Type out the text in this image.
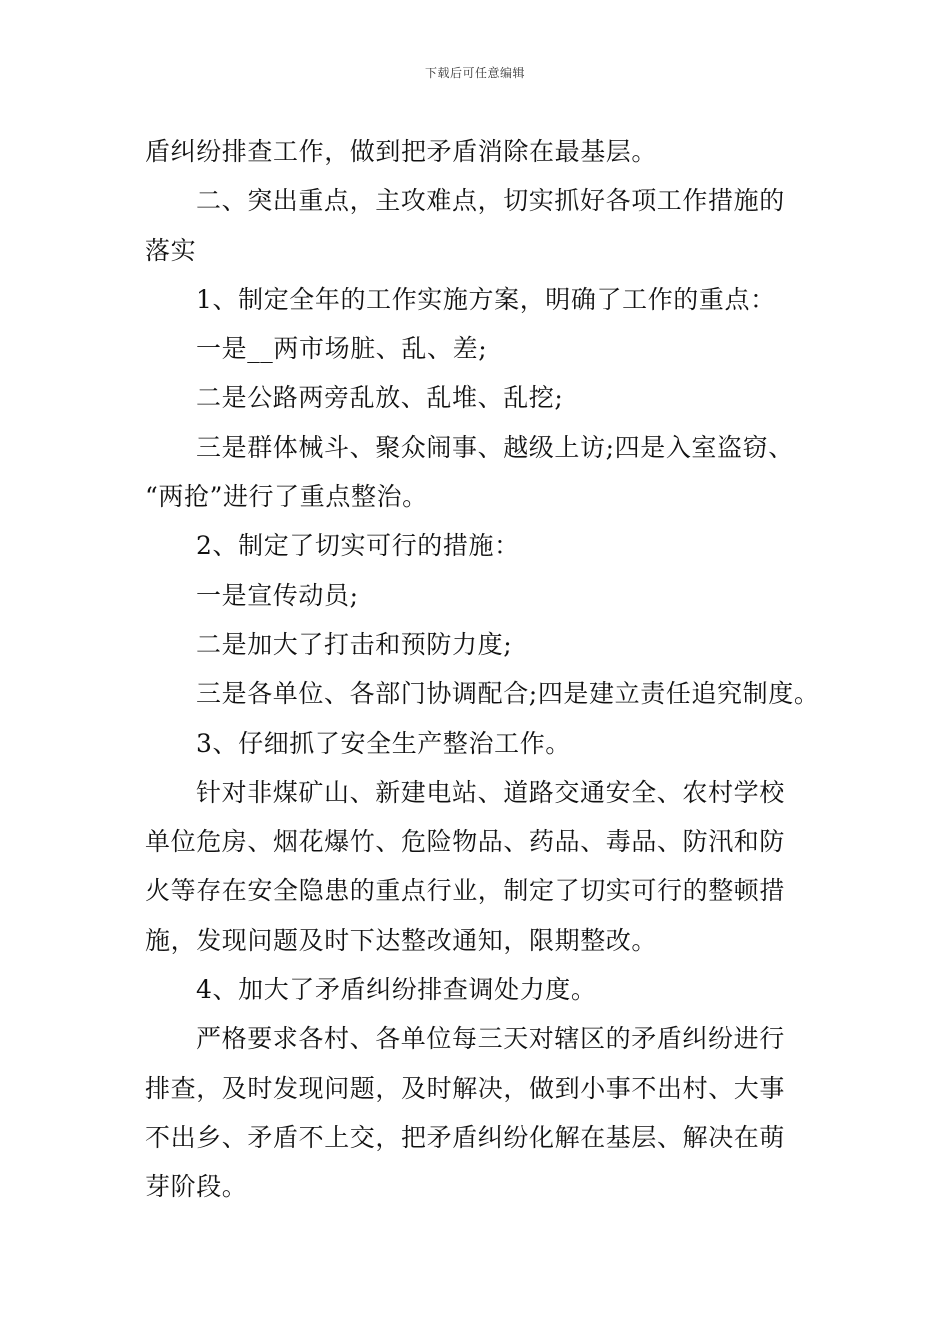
下载后可任意编辑
盾纠纷排查工作，做到把矛盾消除在最基层。
二、突出重点，主攻难点，切实抓好各项工作措施的
落实
1、制定全年的工作实施方案，明确了工作的重点：
一是__两市场脏、乱、差;
二是公路两旁乱放、乱堆、乱挖;
三是群体械斗、聚众闹事、越级上访;四是入室盗窃、
“两抢”进行了重点整治。
2、制定了切实可行的措施：
一是宣传动员;
二是加大了打击和预防力度;
三是各单位、各部门协调配合;四是建立责任追究制度。
3、仔细抓了安全生产整治工作。
针对非煤矿山、新建电站、道路交通安全、农村学校
单位危房、烟花爆竹、危险物品、药品、毒品、防汛和防
火等存在安全隐患的重点行业，制定了切实可行的整顿措
施，发现问题及时下达整改通知，限期整改。
4、加大了矛盾纠纷排查调处力度。
严格要求各村、各单位每三天对辖区的矛盾纠纷进行
排查，及时发现问题，及时解决，做到小事不出村、大事
不出乡、矛盾不上交，把矛盾纠纷化解在基层、解决在萌
芽阶段。
